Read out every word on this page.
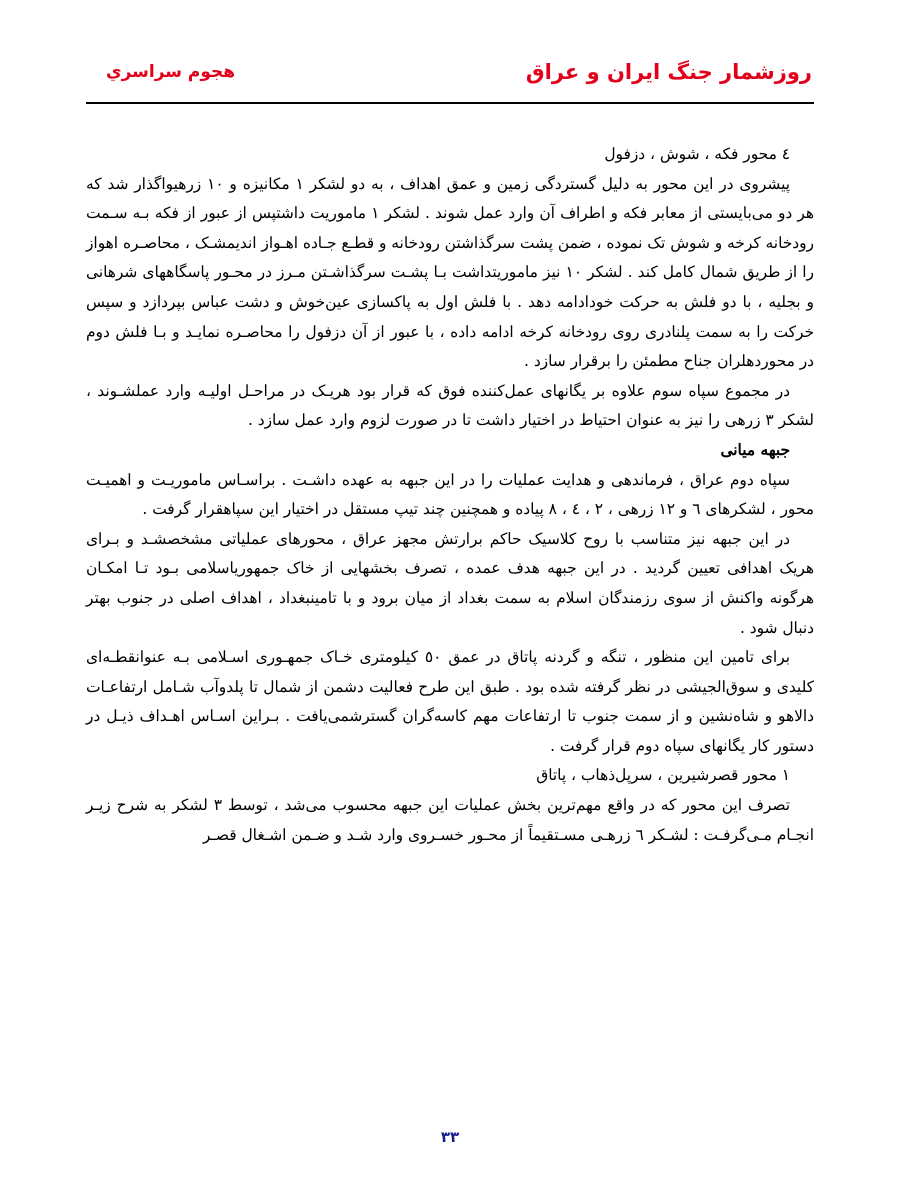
روزشمار جنگ ایران و عراق
هجوم سراسري

٤ محور فکه ، شوش ، دزفول

پیشروی در این محور به دلیل گستردگی زمین و عمق اهداف ، به دو لشکر ١ مکانیزه و ١٠ زرهیواگذار شد که هر دو می‌بایستی از معابر فکه و اطراف آن وارد عمل شوند . لشکر ١ ماموریت داشتپس از عبور از فکه بـه سـمت رودخانه کرخه و شوش تک نموده ، ضمن پشت سرگذاشتن رودخانه و قطـع جـاده اهـواز اندیمشـک ، محاصـره اهواز را از طریق شمال کامل کند . لشکر ١٠ نیز ماموریتداشت بـا پشـت سرگذاشـتن مـرز در محـور پاسگاههای شرهانی و بجلیه ، با دو فلش به حرکت خودادامه دهد . با فلش اول به پاکسازی عین‌خوش و دشت عباس بپردازد و سپس خرکت را به سمت پلنادری روی رودخانه کرخه ادامه داده ، با عبور از آن دزفول را محاصـره نمایـد و بـا فلش دوم در محوردهلران جناح مطمئن را برقرار سازد .

در مجموع سپاه سوم علاوه بر یگانهای عمل‌کننده فوق که قرار بود هریـک در مراحـل اولیـه وارد عملشـوند ، لشکر ٣ زرهی را نیز به عنوان احتیاط در اختیار داشت تا در صورت لزوم وارد عمل سازد .

جبهه میانی

سپاه دوم عراق ، فرماندهی و هدایت عملیات را در این جبهه به عهده داشـت . براسـاس ماموریـت و اهمیـت محور ، لشکرهای ٦ و ١٢ زرهی ، ٢ ، ٤ ، ٨ پیاده و همچنین چند تیپ مستقل در اختیار این سپاهقرار گرفت .

در این جبهه نیز متناسب با روح کلاسیک حاکم برارتش مجهز عراق ، محورهای عملیاتی مشخصشـد و بـرای هریک اهدافی تعیین گردید . در این جبهه هدف عمده ، تصرف بخشهایی از خاک جمهوریاسلامی بـود تـا امکـان هرگونه واکنش از سوی رزمندگان اسلام به سمت بغداد از میان برود و با تامینبغداد ، اهداف اصلی در جنوب بهتر دنبال شود .

برای تامین این منظور ، تنگه و گردنه پاتاق در عمق ٥٠ کیلومتری خـاک جمهـوری اسـلامی بـه عنوانقطـه‌ای کلیدی و سوق‌الجیشی در نظر گرفته شده بود . طبق این طرح فعالیت دشمن از شمال تا پلدوآب شـامل ارتفاعـات دالاهو و شاه‌نشین و از سمت جنوب تا ارتفاعات مهم کاسه‌گران گسترشمی‌یافت . بـراین اسـاس اهـداف ذیـل در دستور کار یگانهای سپاه دوم قرار گرفت .

١ محور قصرشیرین ، سرپل‌ذهاب ، پاتاق

تصرف این محور که در واقع مهم‌ترین بخش عملیات این جبهه محسوب می‌شد ، توسط ٣ لشکر به شرح زیـر انجـام مـی‌گرفـت : لشـکر ٦ زرهـی مسـتقیماً از محـور خسـروی وارد شـد و ضـمن اشـغال قصـر

٣٣
